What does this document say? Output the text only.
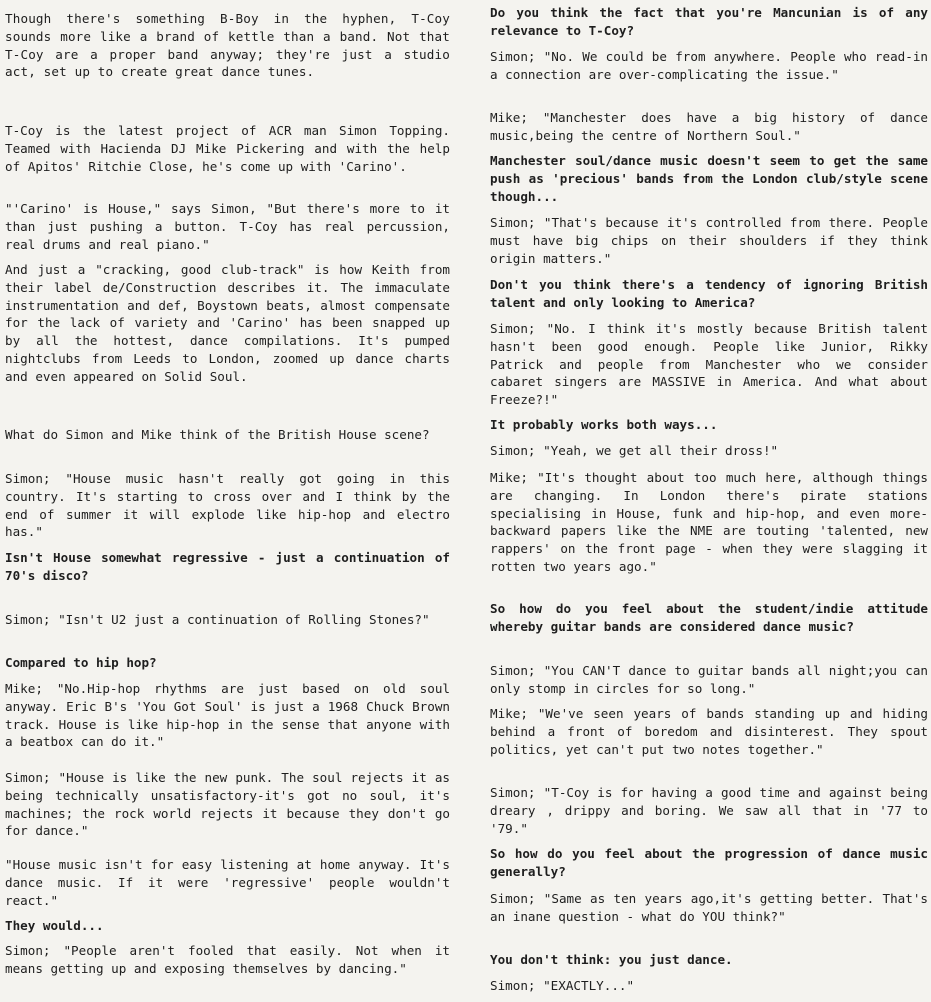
Though there's something B-Boy in the hyphen, T-Coy sounds more like a brand of kettle than a band. Not that T-Coy are a proper band anyway; they're just a studio act, set up to create great dance tunes.

T-Coy is the latest project of ACR man Simon Topping. Teamed with Hacienda DJ Mike Pickering and with the help of Apitos' Ritchie Close, he's come up with 'Carino'.

"'Carino' is House," says Simon, "But there's more to it than just pushing a button. T-Coy has real percussion, real drums and real piano."

And just a "cracking, good club-track" is how Keith from their label de/Construction describes it. The immaculate instrumentation and def, Boystown beats, almost compensate for the lack of variety and 'Carino' has been snapped up by all the hottest, dance compilations. It's pumped nightclubs from Leeds to London, zoomed up dance charts and even appeared on Solid Soul.

What do Simon and Mike think of the British House scene?

Simon; "House music hasn't really got going in this country. It's starting to cross over and I think by the end of summer it will explode like hip-hop and electro has."

Isn't House somewhat regressive - just a continuation of 70's disco?

Simon; "Isn't U2 just a continuation of Rolling Stones?"

Compared to hip hop?

Mike; "No.Hip-hop rhythms are just based on old soul anyway. Eric B's 'You Got Soul' is just a 1968 Chuck Brown track. House is like hip-hop in the sense that anyone with a beatbox can do it."

Simon; "House is like the new punk. The soul rejects it as being technically unsatisfactory-it's got no soul, it's machines; the rock world rejects it because they don't go for dance."

"House music isn't for easy listening at home anyway. It's dance music. If it were 'regressive' people wouldn't react."

They would...

Simon; "People aren't fooled that easily. Not when it means getting up and exposing themselves by dancing."

Do you think the fact that you're Mancunian is of any relevance to T-Coy?

Simon; "No. We could be from anywhere. People who read-in a connection are over-complicating the issue."

Mike; "Manchester does have a big history of dance music,being the centre of Northern Soul."

Manchester soul/dance music doesn't seem to get the same push as 'precious' bands from the London club/style scene though...

Simon; "That's because it's controlled from there. People must have big chips on their shoulders if they think origin matters."

Don't you think there's a tendency of ignoring British talent and only looking to America?

Simon; "No. I think it's mostly because British talent hasn't been good enough. People like Junior, Rikky Patrick and people from Manchester who we consider cabaret singers are MASSIVE in America. And what about Freeze?!"

It probably works both ways...

Simon; "Yeah, we get all their dross!"

Mike; "It's thought about too much here, although things are changing. In London there's pirate stations specialising in House, funk and hip-hop, and even more-backward papers like the NME are touting 'talented, new rappers' on the front page - when they were slagging it rotten two years ago."

So how do you feel about the student/indie attitude whereby guitar bands are considered dance music?

Simon; "You CAN'T dance to guitar bands all night;you can only stomp in circles for so long."

Mike; "We've seen years of bands standing up and hiding behind a front of boredom and disinterest. They spout politics, yet can't put two notes together."

Simon; "T-Coy is for having a good time and against being dreary , drippy and boring. We saw all that in '77 to '79."

So how do you feel about the progression of dance music generally?

Simon; "Same as ten years ago,it's getting better. That's an inane question - what do YOU think?"

You don't think: you just dance.

Simon; "EXACTLY..."
